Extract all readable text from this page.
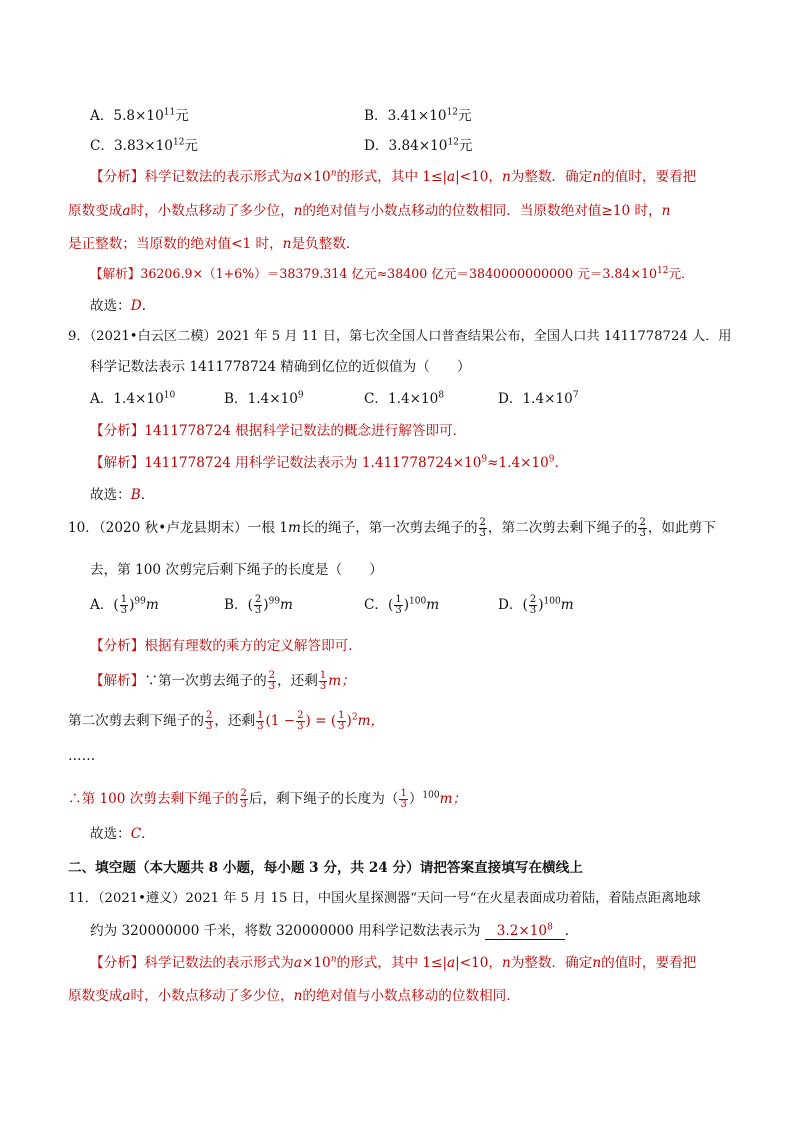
A．$5.8\times 10^{11}$元	B．$3.41\times 10^{12}$元
C．$3.83\times 10^{12}$元	D．$3.84\times 10^{12}$元
【分析】科学记数法的表示形式为$a\times 10^n$的形式，其中 1≤|a|<10，n为整数．确定n的值时，要看把
原数变成a时，小数点移动了多少位，n的绝对值与小数点移动的位数相同．当原数绝对值≥10 时，n
是正整数；当原数的绝对值<1 时，n是负整数．
【解析】36206.9×（1+6%）＝38379.314 亿元≈38400 亿元＝3840000000000 元$=3.84\times 10^{12}$元．
故选：D．
9．（2021•白云区二模）2021 年 5 月 11 日，第七次全国人口普查结果公布，全国人口共 1411778724 人．用
科学记数法表示 1411778724 精确到亿位的近似值为（　　）
A．$1.4\times 10^{10}$	B．$1.4\times 10^9$	C．$1.4\times 10^8$	D．$1.4\times 10^7$
【分析】1411778724 根据科学记数法的概念进行解答即可．
【解析】1411778724 用科学记数法表示为 $1.411778724\times 10^9\approx 1.4\times 10^9$．
故选：B．
10．（2020 秋•卢龙县期末）一根 1m长的绳子，第一次剪去绳子的 $\frac{2}{3}$ ，第二次剪去剩下绳子的 $\frac{2}{3}$ ，如此剪下
去，第 100 次剪完后剩下绳子的长度是（　　）
A．( $\frac{1}{3} )^{99}m$	B．( $\frac{2}{3} )^{99}m$	C．( $\frac{1}{3} )^{100}m$	D．( $\frac{2}{3} )^{100}m$
【分析】根据有理数的乘方的定义解答即可．
【解析】∵第一次剪去绳子的 $\frac{2}{3}$ ，还剩 $\frac{1}{3}$ m；
第二次剪去剩下绳子的 $\frac{2}{3}$ ，还剩 $\frac{1}{3} (1 - \frac{2}{3}$ ) = ( $\frac{1}{3} )^2m$，
……
∴第 100 次剪去剩下绳子的 $\frac{2}{3}$ 后，剩下绳子的长度为（ $\frac{1}{3} )^{100}m$；
故选：C．
二、填空题（本大题共 8 小题，每小题 3 分，共 24 分）请把答案直接填写在横线上
11．（2021•遵义）2021 年 5 月 15 日，中国火星探测器“天问一号“在火星表面成功着陆，着陆点距离地球
约为 320000000 千米，将数 320000000 用科学记数法表示为 $3.2\times 10^8$ ．
【分析】科学记数法的表示形式为$a\times 10^n$的形式，其中 1≤|a|<10，n为整数．确定n的值时，要看把
原数变成a时，小数点移动了多少位，n的绝对值与小数点移动的位数相同．
